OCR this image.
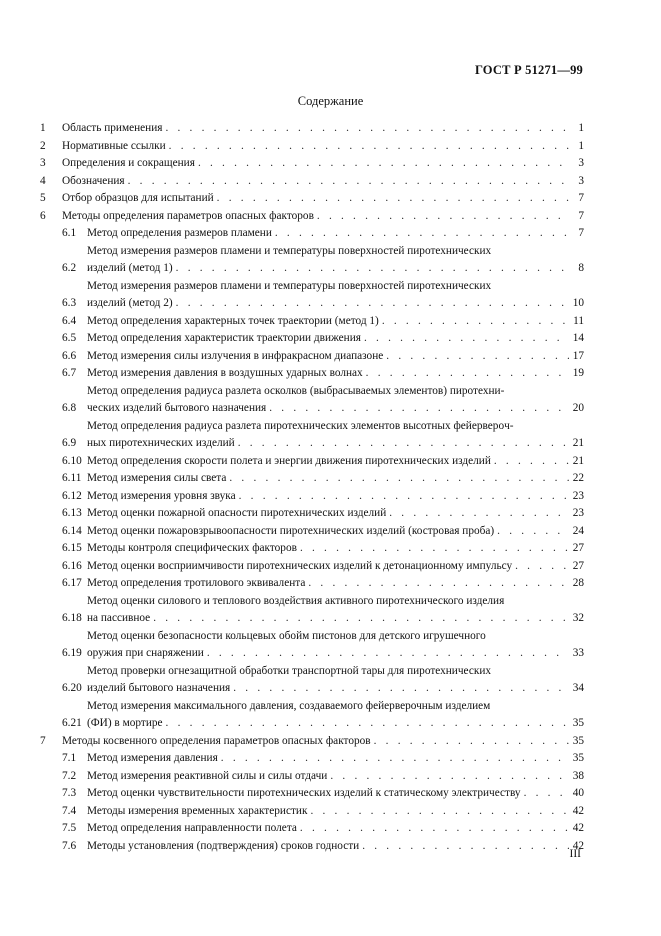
ГОСТ Р 51271—99
Содержание
1	Область применения . . .	1
2	Нормативные ссылки . . .	1
3	Определения и сокращения . . .	3
4	Обозначения . . .	3
5	Отбор образцов для испытаний . . .	7
6	Методы определения параметров опасных факторов . . .	7
6.1 Метод определения размеров пламени . . .	7
6.2
Метод измерения размеров пламени и температуры поверхностей пиротехнических
изделий (метод 1) . . .	8
6.3
Метод измерения размеров пламени и температуры поверхностей пиротехнических
изделий (метод 2) . . .	10
6.4 Метод определения характерных точек траектории (метод 1) . . .	11
6.5 Метод определения характеристик траектории движения . . .	14
6.6 Метод измерения силы излучения в инфракрасном диапазоне . . .	17
6.7 Метод измерения давления в воздушных ударных волнах . . .	19
6.8
Метод определения радиуса разлета осколков (выбрасываемых элементов) пиротехни-
ческих изделий бытового назначения . . .	20
6.9
Метод определения радиуса разлета пиротехнических элементов высотных фейерверoч-
ных пиротехнических изделий . . .	21
6.10 Метод определения скорости полета и энергии движения пиротехнических изделий . . .	21
6.11 Метод измерения силы света . . .	22
6.12 Метод измерения уровня звука . . .	23
6.13 Метод оценки пожарной опасности пиротехнических изделий . . .	23
6.14 Метод оценки пожаровзрывоопасности пиротехнических изделий (костровая проба) . . .	24
6.15 Методы контроля специфических факторов . . .	27
6.16 Метод оценки восприимчивости пиротехнических изделий к детонационному импульсу . . .	27
6.17 Метод определения тротилового эквивалента . . .	28
6.18
Метод оценки силового и теплового воздействия активного пиротехнического изделия
на пассивное . . .	32
6.19
Метод оценки безопасности кольцевых обойм пистонов для детского игрушечного
оружия при снаряжении . . .	33
6.20
Метод проверки огнезащитной обработки транспортной тары для пиротехнических
изделий бытового назначения . . .	34
6.21
Метод измерения максимального давления, создаваемого фейерверочным изделием
(ФИ) в мортире . . .	35
7	Методы косвенного определения параметров опасных факторов . . .	35
7.1 Метод измерения давления . . .	35
7.2 Метод измерения реактивной силы и силы отдачи . . .	38
7.3 Метод оценки чувствительности пиротехнических изделий к статическому электричеству . . .	40
7.4 Методы измерения временных характеристик . . .	42
7.5 Метод определения направленности полета . . .	42
7.6 Методы установления (подтверждения) сроков годности . . .	42
III
